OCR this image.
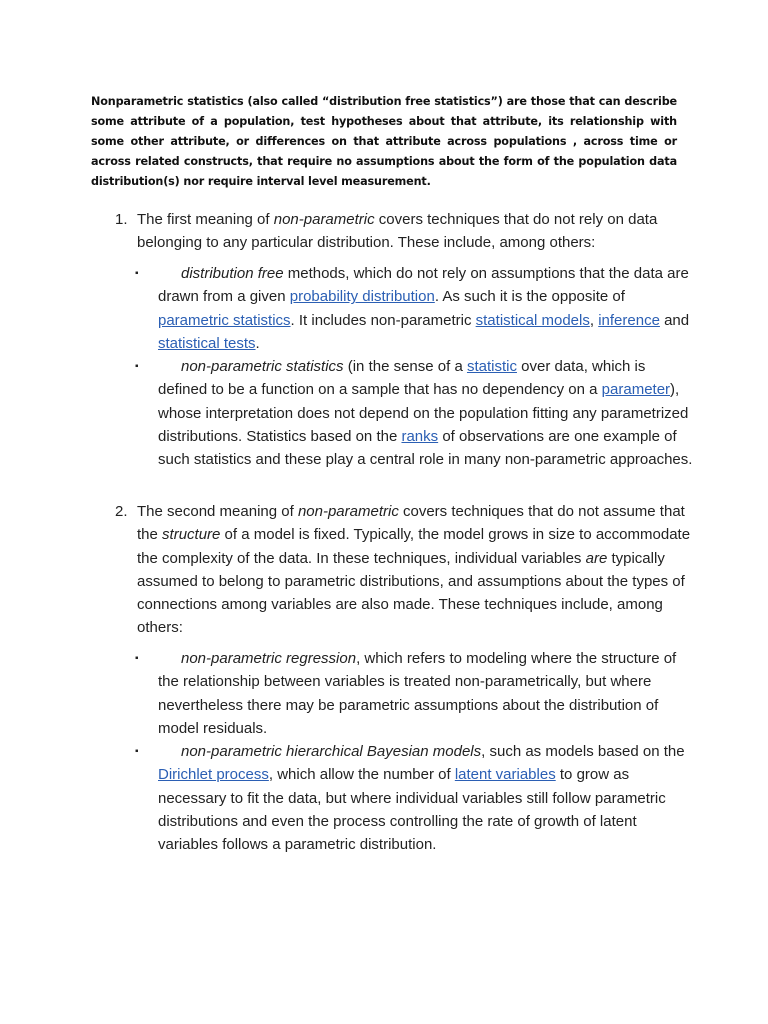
Nonparametric statistics (also called “distribution free statistics”) are those that can describe some attribute of a population, test hypotheses about that attribute, its relationship with some other attribute, or differences on that attribute across populations , across time or across related constructs, that require no assumptions about the form of the population data distribution(s) nor require interval level measurement.

1. The first meaning of non-parametric covers techniques that do not rely on data belonging to any particular distribution. These include, among others:
▪	distribution free methods, which do not rely on assumptions that the data are drawn from a given probability distribution. As such it is the opposite of parametric statistics. It includes non-parametric statistical models, inference and statistical tests.
▪	non-parametric statistics (in the sense of a statistic over data, which is defined to be a function on a sample that has no dependency on a parameter), whose interpretation does not depend on the population fitting any parametrized distributions. Statistics based on the ranks of observations are one example of such statistics and these play a central role in many non-parametric approaches.
2. The second meaning of non-parametric covers techniques that do not assume that the structure of a model is fixed. Typically, the model grows in size to accommodate the complexity of the data. In these techniques, individual variables are typically assumed to belong to parametric distributions, and assumptions about the types of connections among variables are also made. These techniques include, among others:
▪	non-parametric regression, which refers to modeling where the structure of the relationship between variables is treated non-parametrically, but where nevertheless there may be parametric assumptions about the distribution of model residuals.
▪	non-parametric hierarchical Bayesian models, such as models based on the Dirichlet process, which allow the number of latent variables to grow as necessary to fit the data, but where individual variables still follow parametric distributions and even the process controlling the rate of growth of latent variables follows a parametric distribution.
